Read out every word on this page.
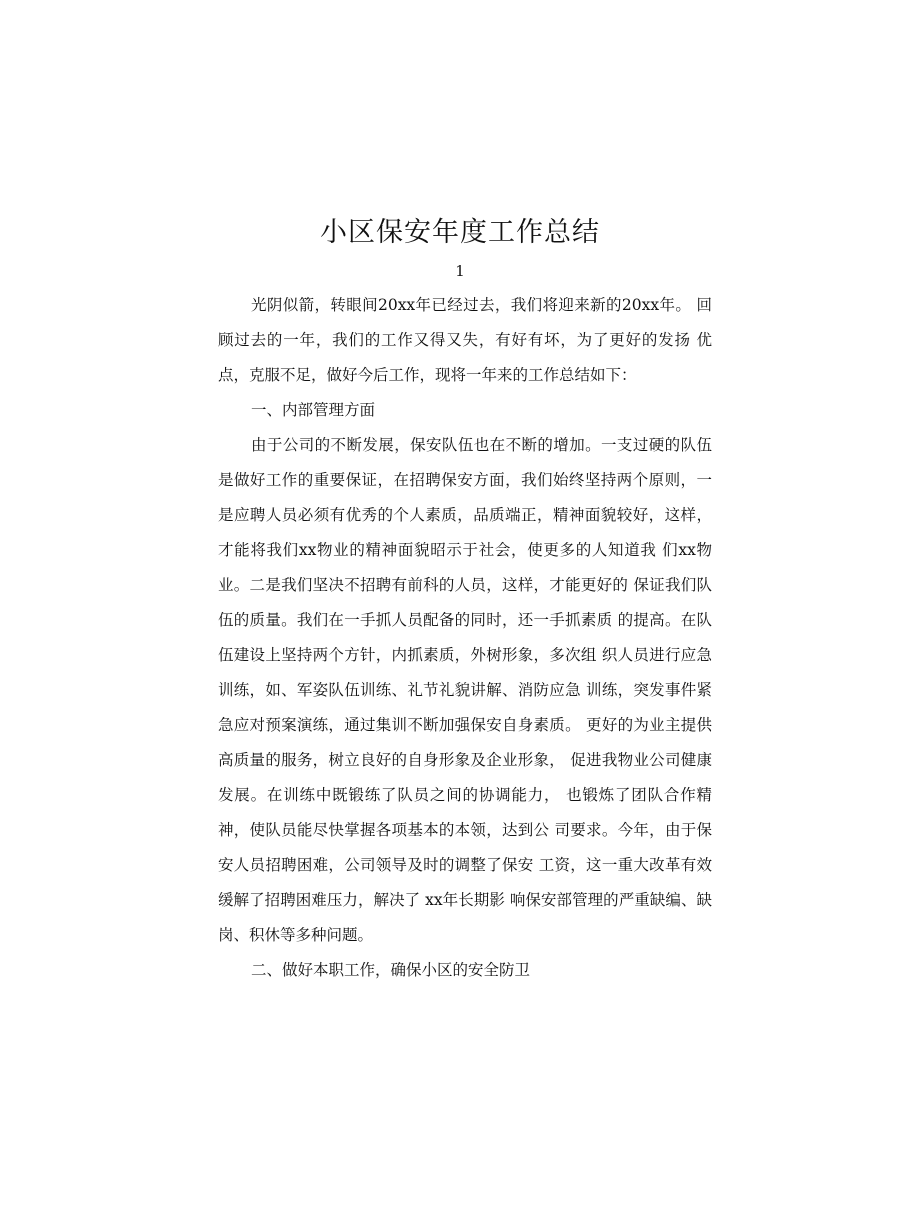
小区保安年度工作总结
1

光阴似箭，转眼间20xx年已经过去，我们将迎来新的20xx年。 回顾过去的一年，我们的工作又得又失，有好有坏，为了更好的发扬 优点，克服不足，做好今后工作，现将一年来的工作总结如下：

一、内部管理方面

由于公司的不断发展，保安队伍也在不断的增加。一支过硬的队伍是做好工作的重要保证，在招聘保安方面，我们始终坚持两个原则，一是应聘人员必须有优秀的个人素质，品质端正，精神面貌较好，这样，才能将我们xx物业的精神面貌昭示于社会，使更多的人知道我 们xx物业。二是我们坚决不招聘有前科的人员，这样，才能更好的 保证我们队伍的质量。我们在一手抓人员配备的同时，还一手抓素质 的提高。在队伍建设上坚持两个方针，内抓素质，外树形象，多次组 织人员进行应急训练，如、军姿队伍训练、礼节礼貌讲解、消防应急 训练，突发事件紧急应对预案演练，通过集训不断加强保安自身素质。 更好的为业主提供高质量的服务，树立良好的自身形象及企业形象， 促进我物业公司健康发展。在训练中既锻练了队员之间的协调能力， 也锻炼了团队合作精神，使队员能尽快掌握各项基本的本领，达到公 司要求。今年，由于保安人员招聘困难，公司领导及时的调整了保安 工资，这一重大改革有效缓解了招聘困难压力，解决了 xx年长期影 响保安部管理的严重缺编、缺岗、积休等多种问题。

二、做好本职工作，确保小区的安全防卫
